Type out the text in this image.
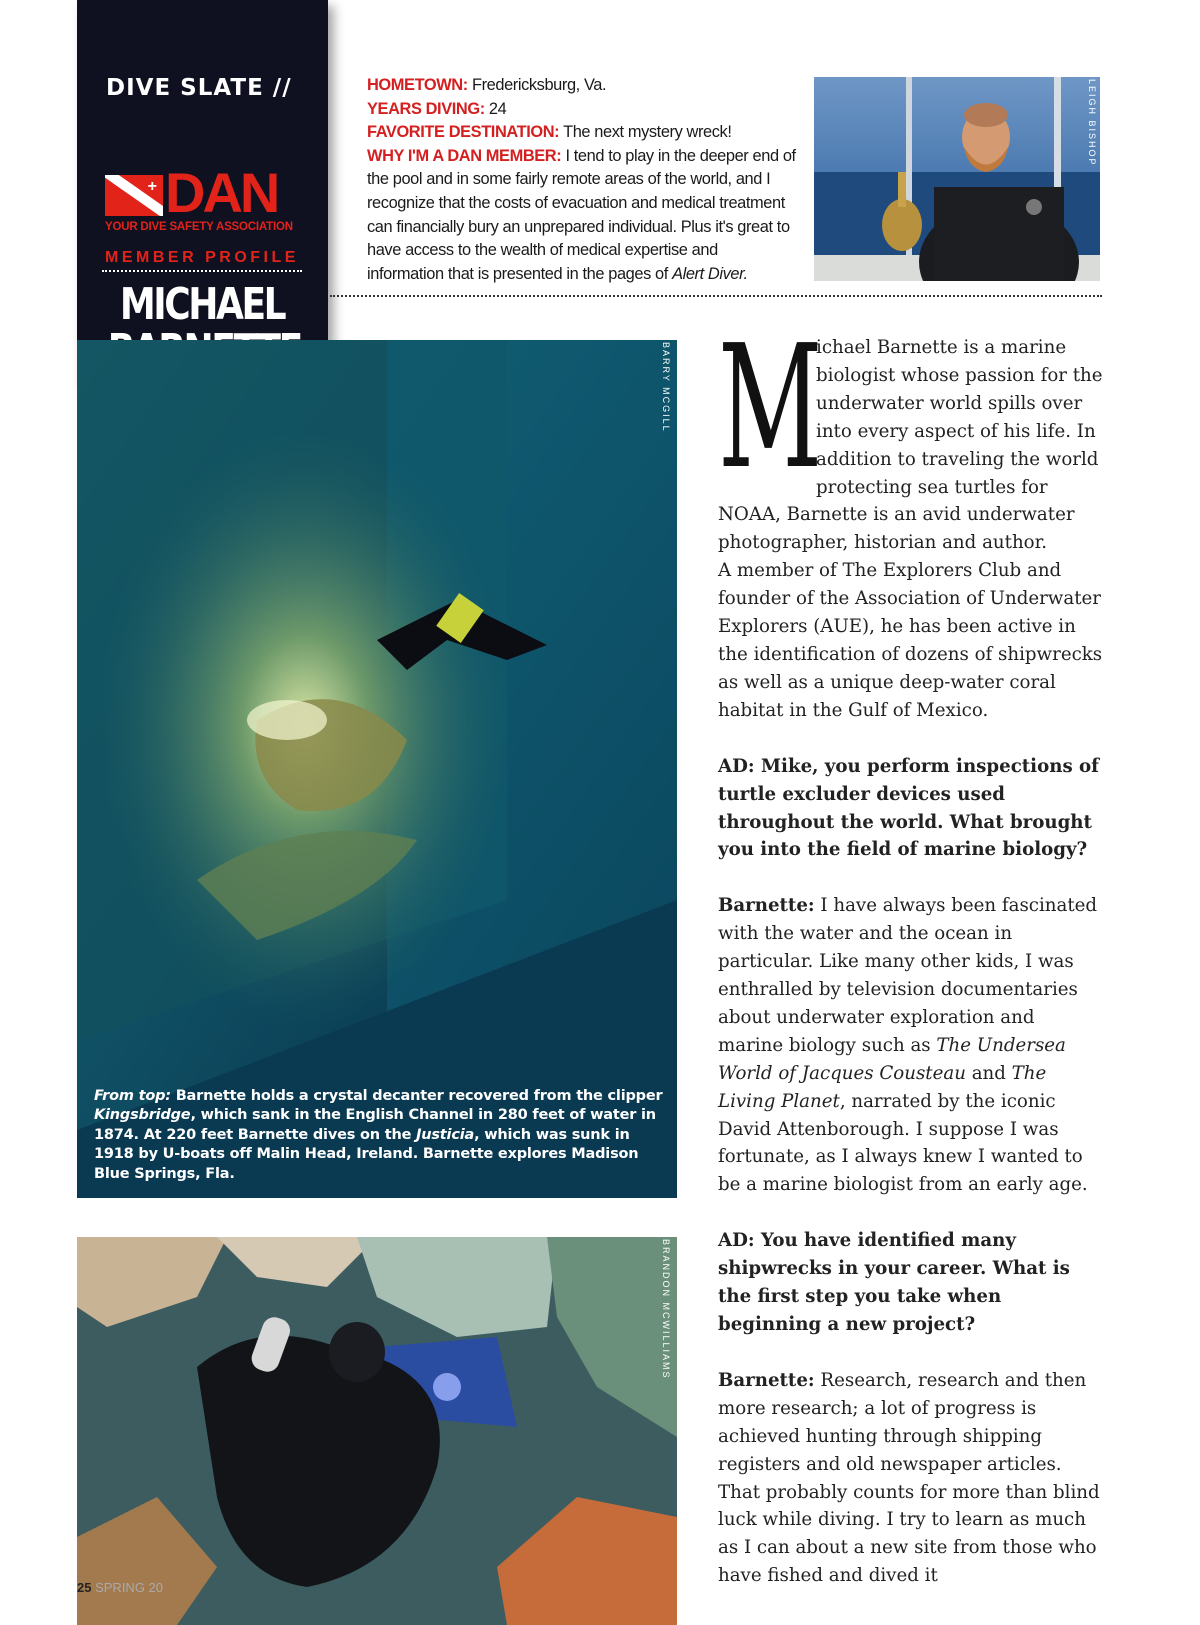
DIVE SLATE //
+ DAN
YOUR DIVE SAFETY ASSOCIATION
MEMBER PROFILE
MICHAEL
HOMETOWN: Fredericksburg, Va.
YEARS DIVING: 24
FAVORITE DESTINATION: The next mystery wreck!
WHY I'M A DAN MEMBER: I tend to play in the deeper end of the pool and in some fairly remote areas of the world, and I recognize that the costs of evacuation and medical treatment can financially bury an unprepared individual. Plus it's great to have access to the wealth of medical expertise and information that is presented in the pages of Alert Diver.
LEIGH BISHOP
BARRY MCGILL
From top: Barnette holds a crystal decanter recovered from the clipper Kingsbridge, which sank in the English Channel in 280 feet of water in 1874. At 220 feet Barnette dives on the Justicia, which was sunk in 1918 by U-boats off Malin Head, Ireland. Barnette explores Madison Blue Springs, Fla.
BRANDON MCWILLIAMS
25 SPRING 20
M

ichael Barnette is a marine biologist whose passion for the underwater world spills over into every aspect of his life. In addition to traveling the world protecting sea turtles for NOAA, Barnette is an avid underwater photographer, historian and author.

A member of The Explorers Club and founder of the Association of Underwater Explorers (AUE), he has been active in the identification of dozens of shipwrecks as well as a unique deep-water coral habitat in the Gulf of Mexico.

AD: Mike, you perform inspections of turtle excluder devices used throughout the world. What brought you into the field of marine biology?

Barnette: I have always been fascinated with the water and the ocean in particular. Like many other kids, I was enthralled by television documentaries about underwater exploration and marine biology such as The Undersea World of Jacques Cousteau and The Living Planet, narrated by the iconic David Attenborough. I suppose I was fortunate, as I always knew I wanted to be a marine biologist from an early age.

AD: You have identified many shipwrecks in your career. What is the first step you take when beginning a new project?

Barnette: Research, research and then more research; a lot of progress is achieved hunting through shipping registers and old newspaper articles. That probably counts for more than blind luck while diving. I try to learn as much as I can about a new site from those who have fished and dived it
